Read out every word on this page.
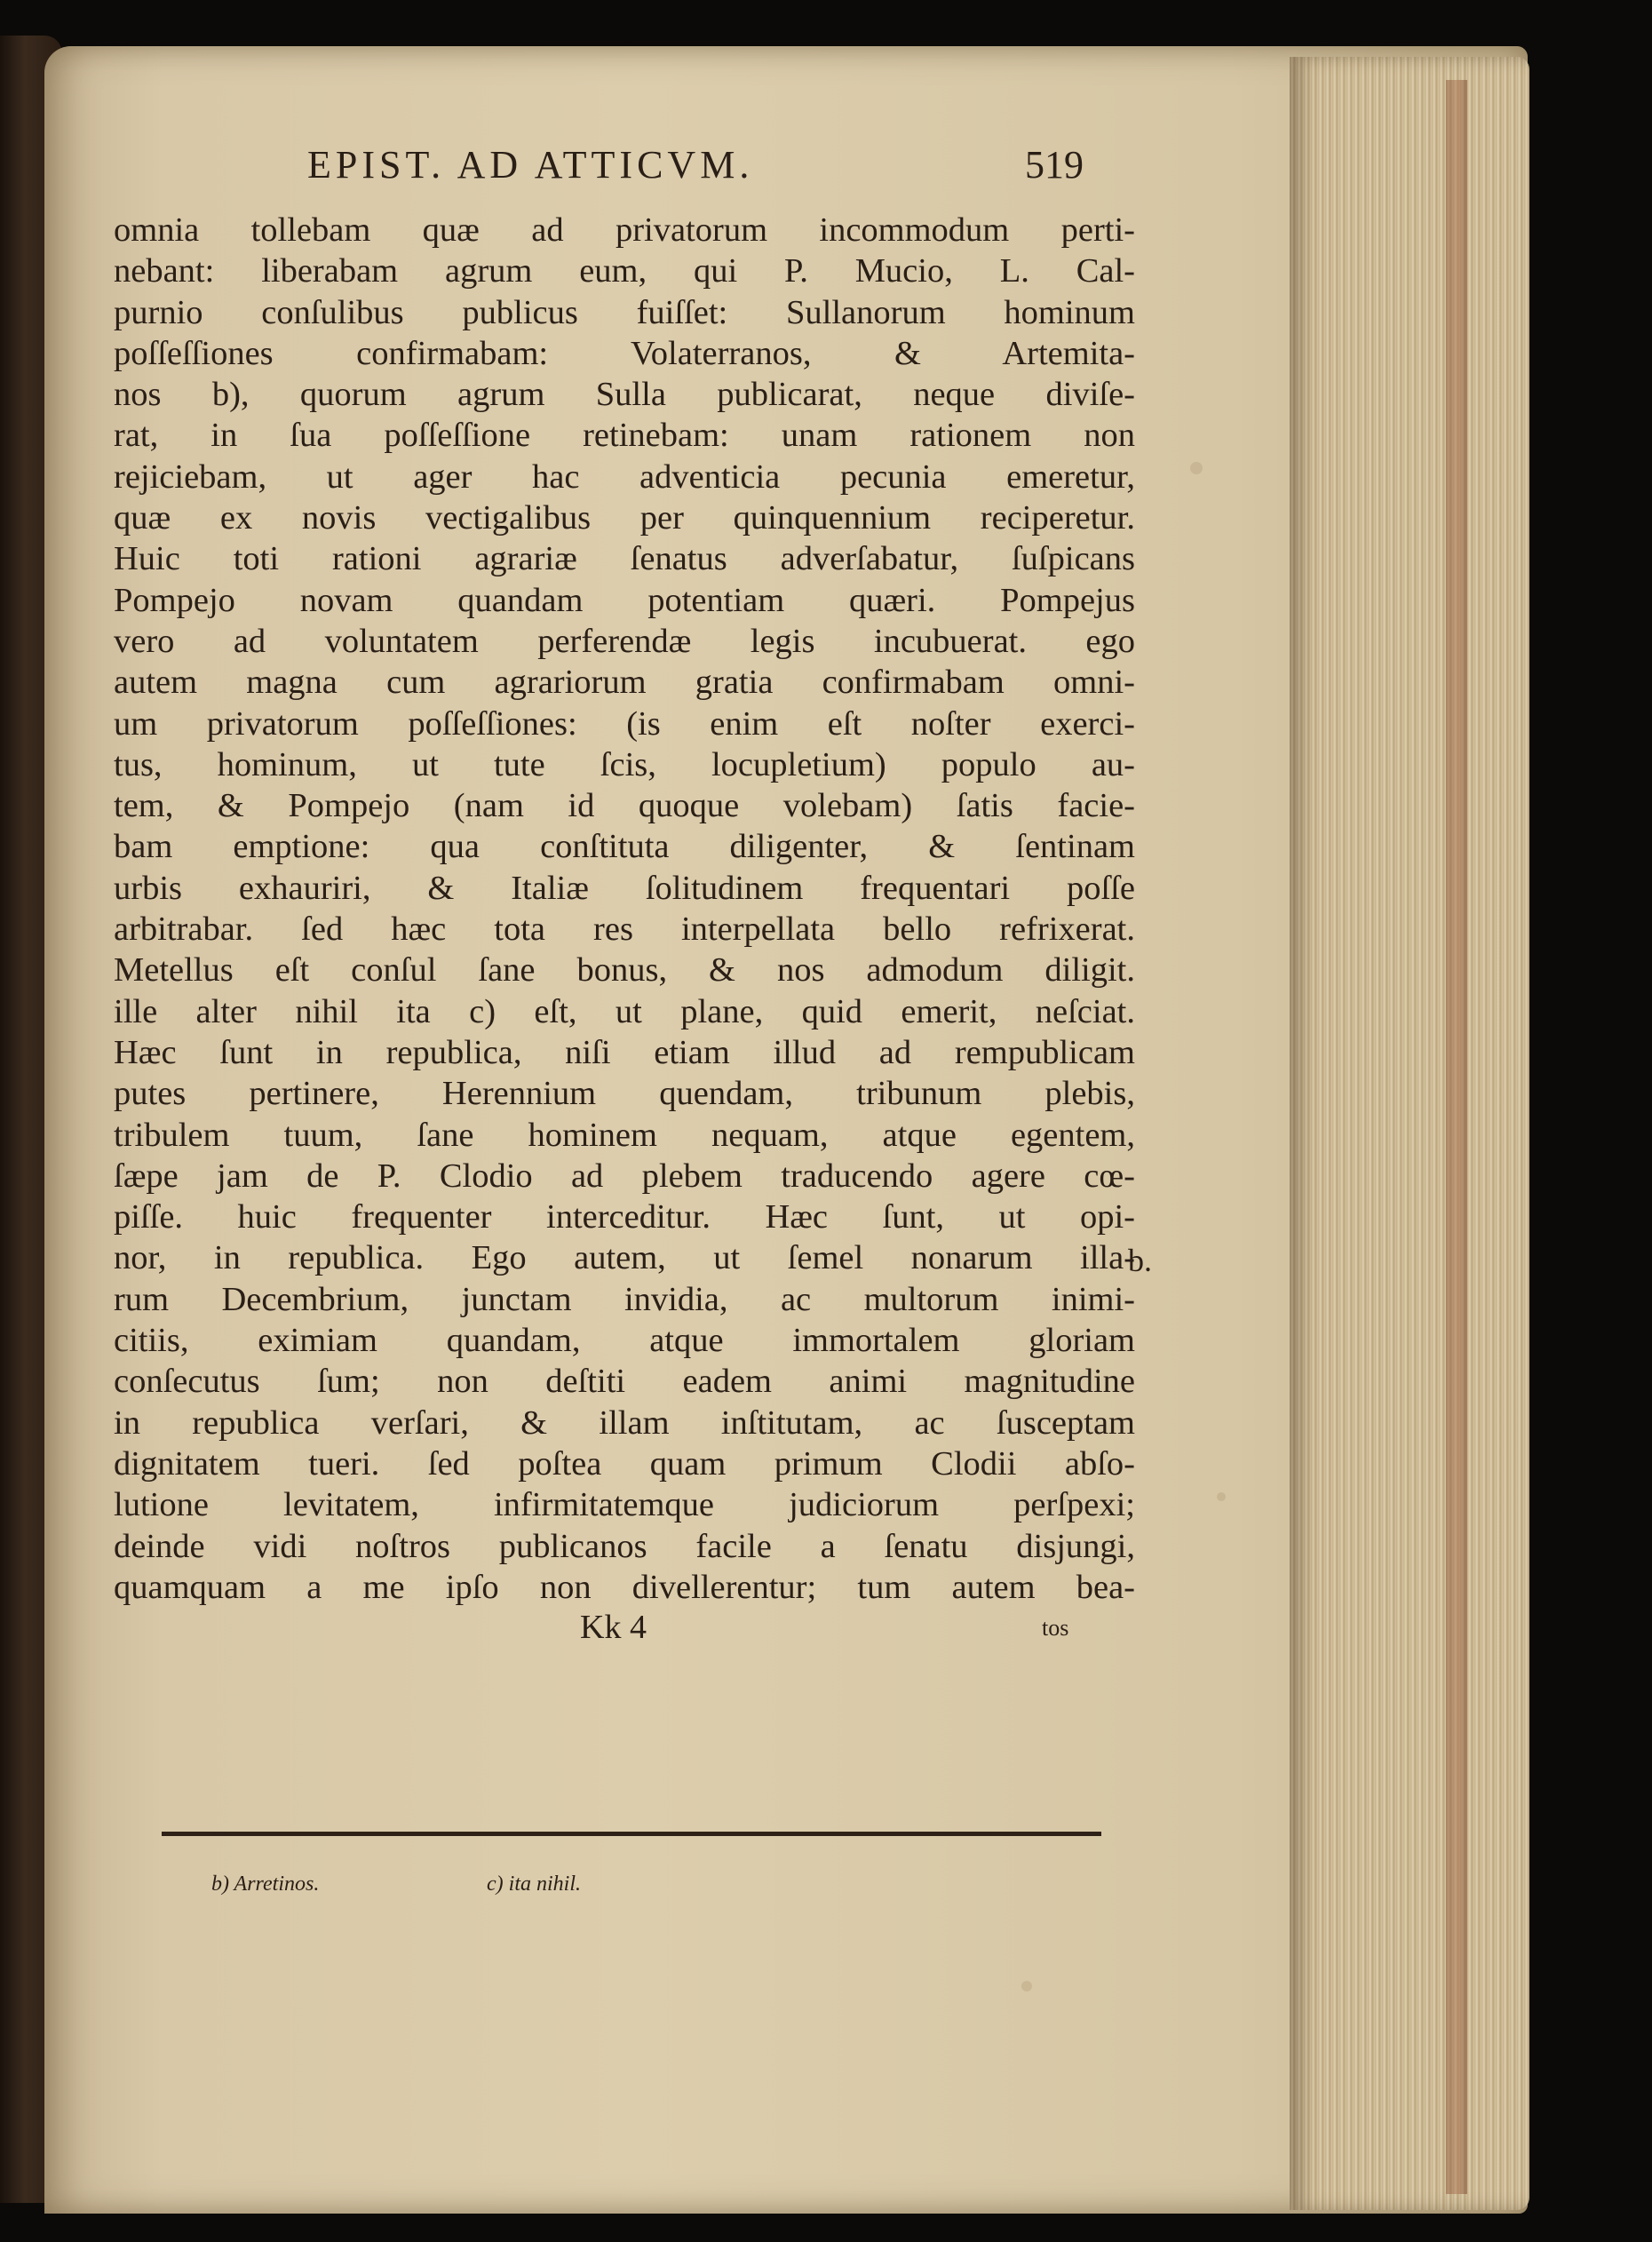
EPIST. AD ATTICVM.	519
omnia tollebam quæ ad privatorum incommodum perti-
nebant: liberabam agrum eum, qui P. Mucio, L. Cal-
purnio conſulibus publicus fuiſſet: Sullanorum hominum
poſſeſſiones confirmabam: Volaterranos, & Artemita-
nos b), quorum agrum Sulla publicarat, neque diviſe-
rat, in ſua poſſeſſione retinebam: unam rationem non
rejiciebam, ut ager hac adventicia pecunia emeretur,
quæ ex novis vectigalibus per quinquennium reciperetur.
Huic toti rationi agrariæ ſenatus adverſabatur, ſuſpicans
Pompejo novam quandam potentiam quæri. Pompejus
vero ad voluntatem perferendæ legis incubuerat. ego
autem magna cum agrariorum gratia confirmabam omni-
um privatorum poſſeſſiones: (is enim eſt noſter exerci-
tus, hominum, ut tute ſcis, locupletium) populo au-
tem, & Pompejo (nam id quoque volebam) ſatis facie-
bam emptione: qua conſtituta diligenter, & ſentinam
urbis exhauriri, & Italiæ ſolitudinem frequentari poſſe
arbitrabar. ſed hæc tota res interpellata bello refrixerat.
Metellus eſt conſul ſane bonus, & nos admodum diligit.
ille alter nihil ita c) eſt, ut plane, quid emerit, neſciat.
Hæc ſunt in republica, niſi etiam illud ad rempublicam
putes pertinere, Herennium quendam, tribunum plebis,
tribulem tuum, ſane hominem nequam, atque egentem,
ſæpe jam de P. Clodio ad plebem traducendo agere cœ-
piſſe. huic frequenter interceditur. Hæc ſunt, ut opi-
nor, in republica. Ego autem, ut ſemel nonarum illa-
rum Decembrium, junctam invidia, ac multorum inimi-
citiis, eximiam quandam, atque immortalem gloriam
conſecutus ſum; non deſtiti eadem animi magnitudine
in republica verſari, & illam inſtitutam, ac ſusceptam
dignitatem tueri. ſed poſtea quam primum Clodii abſo-
lutione levitatem, infirmitatemque judiciorum perſpexi;
deinde vidi noſtros publicanos facile a ſenatu disjungi,
quamquam a me ipſo non divellerentur; tum autem bea-
Kk 4	tos
b.
b) Arretinos.	c) ita nihil.
